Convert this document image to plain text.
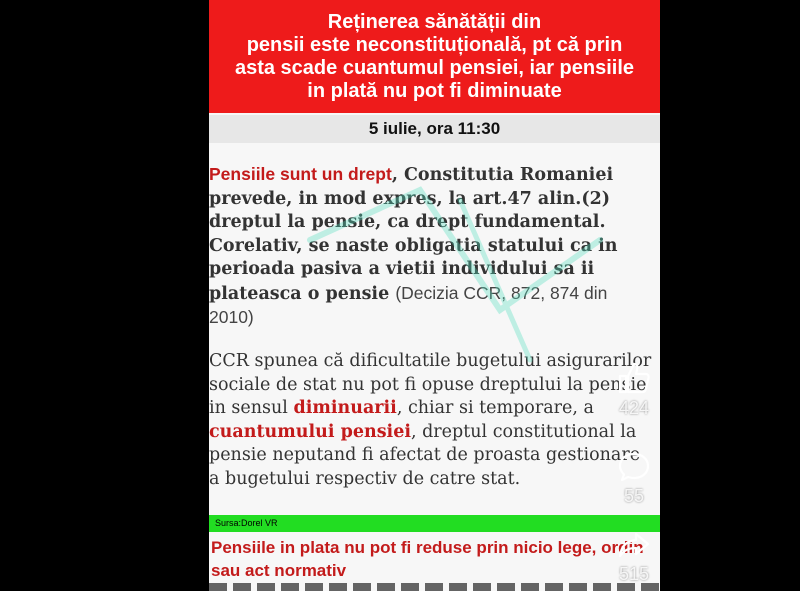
Reținerea sănătății din
pensii este neconstituțională, pt că prin
asta scade cuantumul pensiei, iar pensiile
in plată nu pot fi diminuate
5 iulie, ora 11:30
Pensiile sunt un drept, Constitutia Romaniei prevede, in mod expres, la art.47 alin.(2) dreptul la pensie, ca drept fundamental. Corelativ, se naste obligatia statului ca in perioada pasiva a vietii individului sa ii plateasca o pensie (Decizia CCR, 872, 874 din 2010)
CCR spunea că dificultatile bugetului asigurarilor sociale de stat nu pot fi opuse dreptului la pensie in sensul diminuarii, chiar si temporare, a cuantumului pensiei, dreptul constitutional la pensie neputand fi afectat de proasta gestionare a bugetului respectiv de catre stat.
Sursa:Dorel VR
Pensiile in plata nu pot fi reduse prin nicio lege, ordin sau act normativ
424
55
515
